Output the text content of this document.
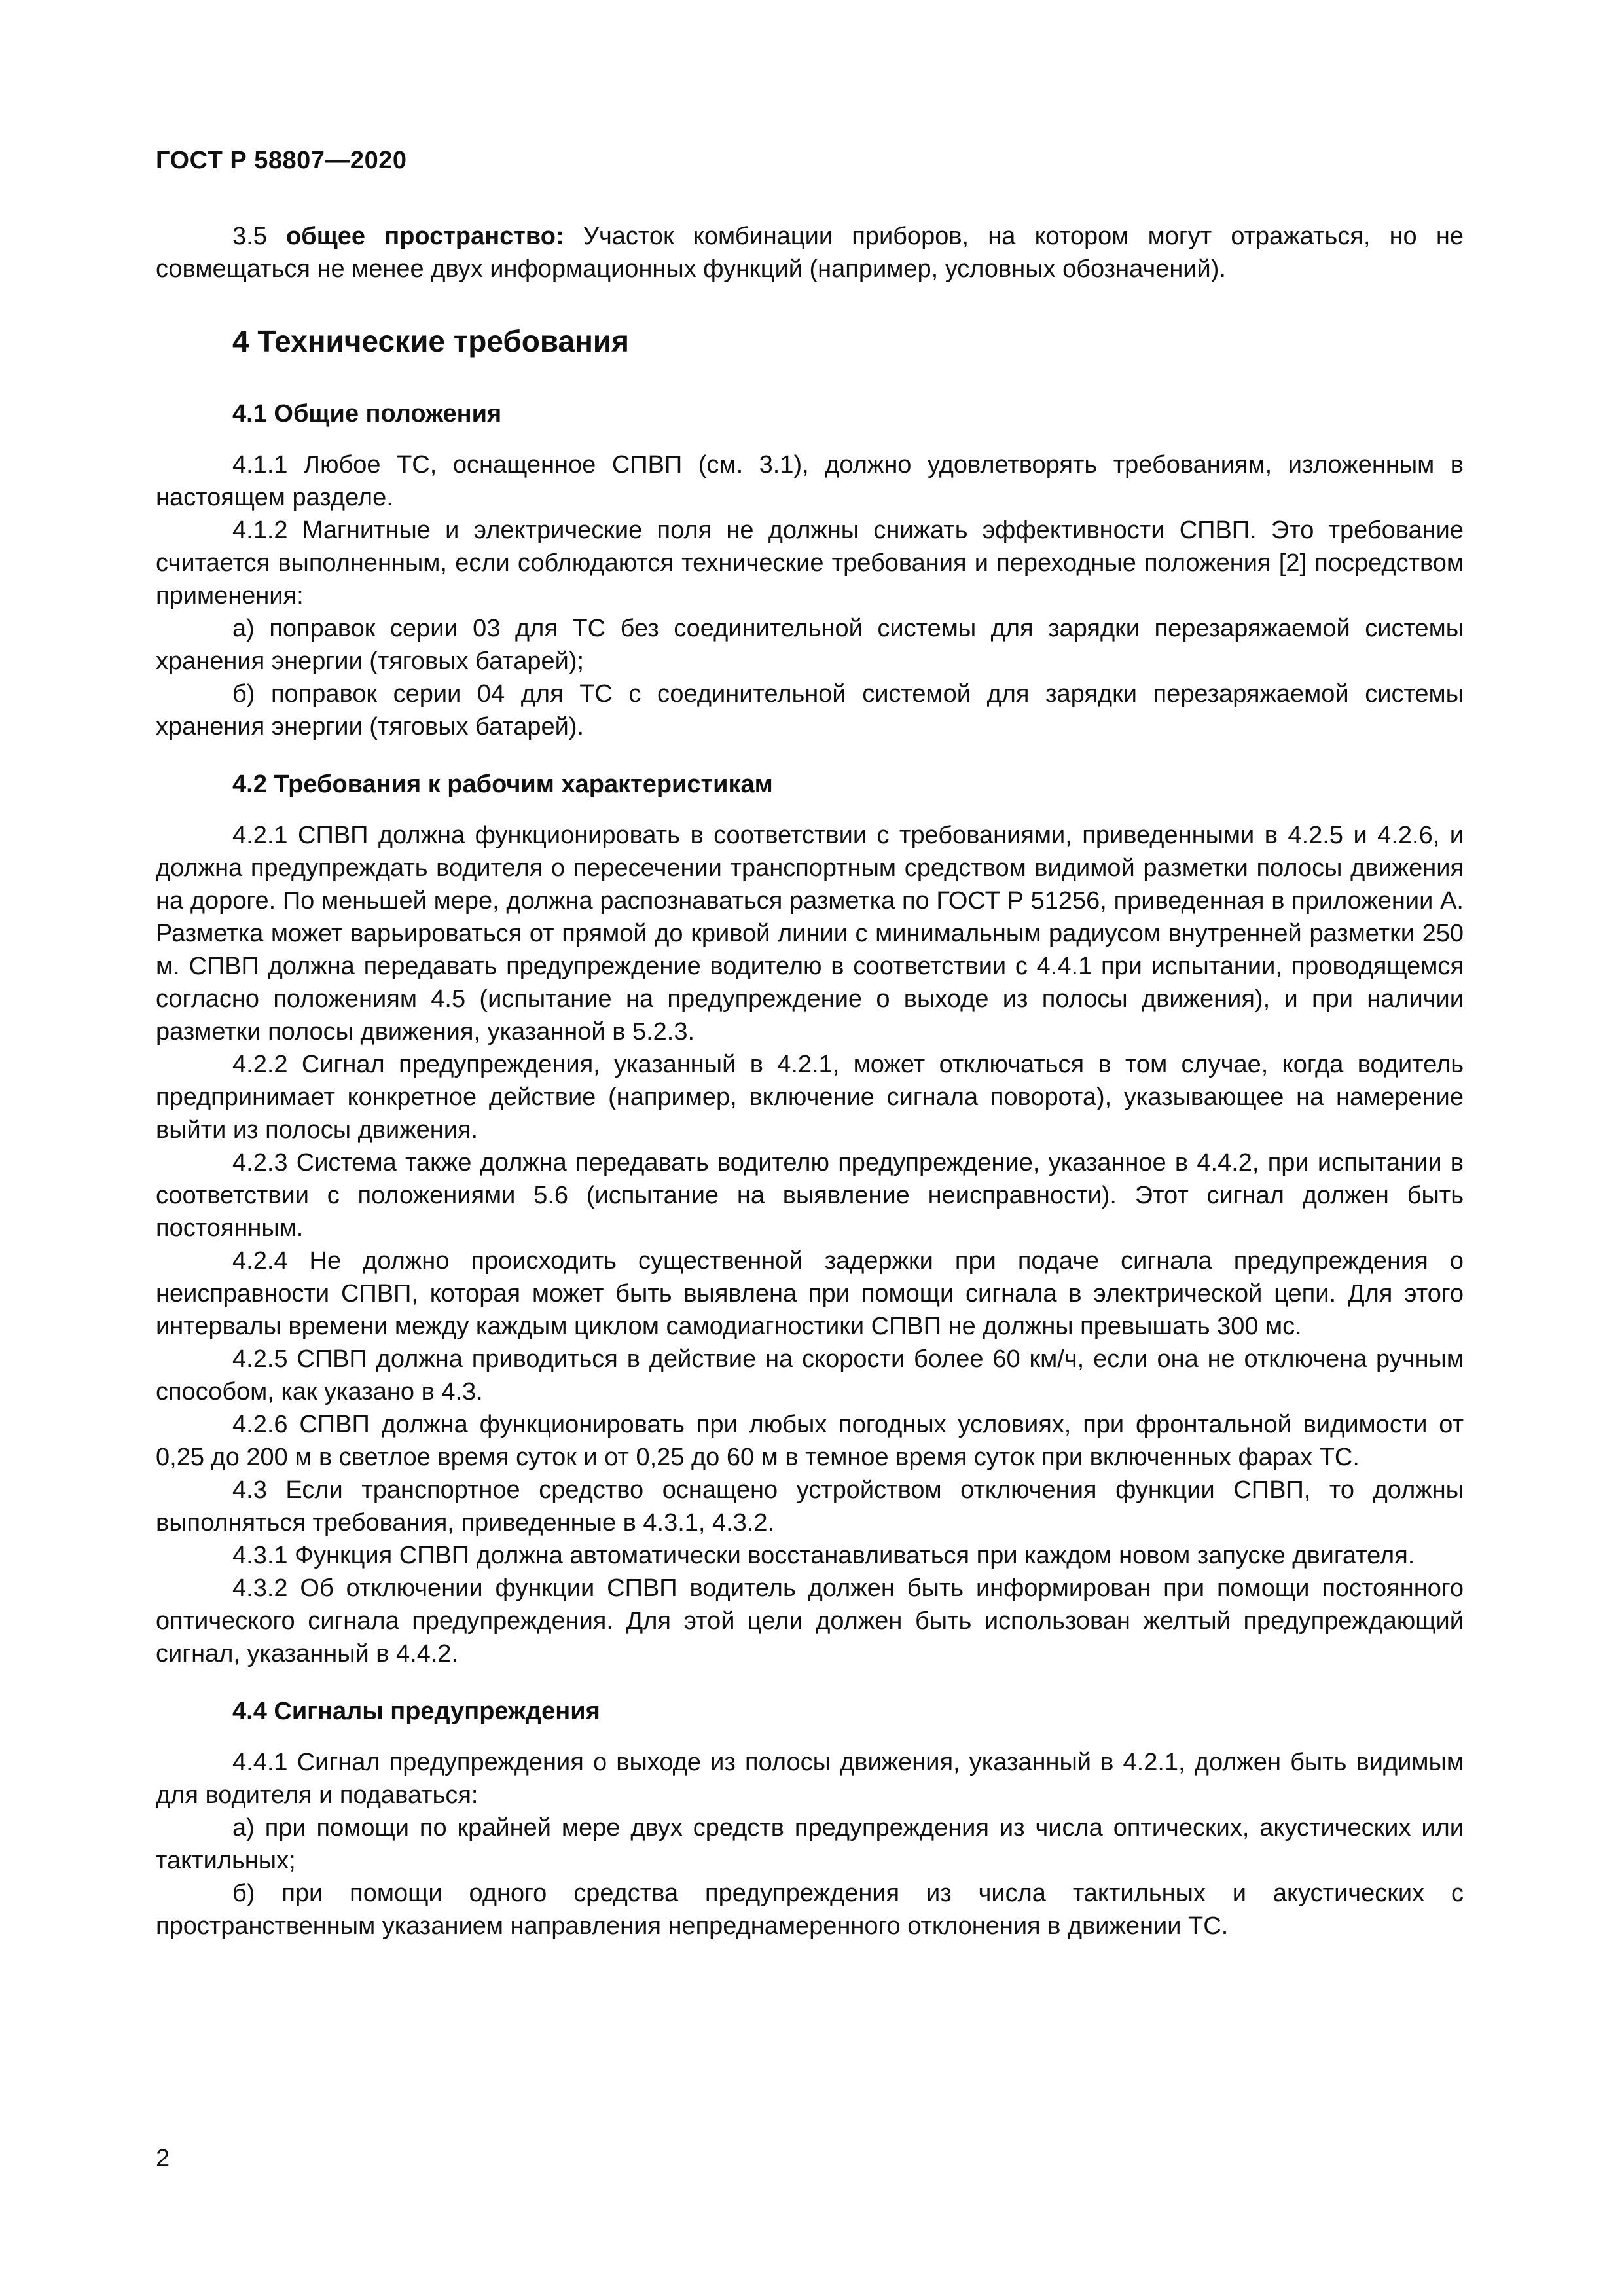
ГОСТ Р 58807—2020

3.5 общее пространство: Участок комбинации приборов, на котором могут отражаться, но не совмещаться не менее двух информационных функций (например, условных обозначений).

4 Технические требования
4.1 Общие положения

4.1.1 Любое ТС, оснащенное СПВП (см. 3.1), должно удовлетворять требованиям, изложенным в настоящем разделе.

4.1.2 Магнитные и электрические поля не должны снижать эффективности СПВП. Это требование считается выполненным, если соблюдаются технические требования и переходные положения [2] посредством применения:

а) поправок серии 03 для ТС без соединительной системы для зарядки перезаряжаемой системы хранения энергии (тяговых батарей);

б) поправок серии 04 для ТС с соединительной системой для зарядки перезаряжаемой системы хранения энергии (тяговых батарей).

4.2 Требования к рабочим характеристикам

4.2.1 СПВП должна функционировать в соответствии с требованиями, приведенными в 4.2.5 и 4.2.6, и должна предупреждать водителя о пересечении транспортным средством видимой разметки полосы движения на дороге. По меньшей мере, должна распознаваться разметка по ГОСТ Р 51256, приведенная в приложении А. Разметка может варьироваться от прямой до кривой линии с минимальным радиусом внутренней разметки 250 м. СПВП должна передавать предупреждение водителю в соответствии с 4.4.1 при испытании, проводящемся согласно положениям 4.5 (испытание на предупреждение о выходе из полосы движения), и при наличии разметки полосы движения, указанной в 5.2.3.

4.2.2 Сигнал предупреждения, указанный в 4.2.1, может отключаться в том случае, когда водитель предпринимает конкретное действие (например, включение сигнала поворота), указывающее на намерение выйти из полосы движения.

4.2.3 Система также должна передавать водителю предупреждение, указанное в 4.4.2, при испытании в соответствии с положениями 5.6 (испытание на выявление неисправности). Этот сигнал должен быть постоянным.

4.2.4 Не должно происходить существенной задержки при подаче сигнала предупреждения о неисправности СПВП, которая может быть выявлена при помощи сигнала в электрической цепи. Для этого интервалы времени между каждым циклом самодиагностики СПВП не должны превышать 300 мс.

4.2.5 СПВП должна приводиться в действие на скорости более 60 км/ч, если она не отключена ручным способом, как указано в 4.3.

4.2.6 СПВП должна функционировать при любых погодных условиях, при фронтальной видимости от 0,25 до 200 м в светлое время суток и от 0,25 до 60 м в темное время суток при включенных фарах ТС.

4.3 Если транспортное средство оснащено устройством отключения функции СПВП, то должны выполняться требования, приведенные в 4.3.1, 4.3.2.

4.3.1 Функция СПВП должна автоматически восстанавливаться при каждом новом запуске двигателя.

4.3.2 Об отключении функции СПВП водитель должен быть информирован при помощи постоянного оптического сигнала предупреждения. Для этой цели должен быть использован желтый предупреждающий сигнал, указанный в 4.4.2.

4.4 Сигналы предупреждения

4.4.1 Сигнал предупреждения о выходе из полосы движения, указанный в 4.2.1, должен быть видимым для водителя и подаваться:

а) при помощи по крайней мере двух средств предупреждения из числа оптических, акустических или тактильных;

б) при помощи одного средства предупреждения из числа тактильных и акустических с пространственным указанием направления непреднамеренного отклонения в движении ТС.

2
